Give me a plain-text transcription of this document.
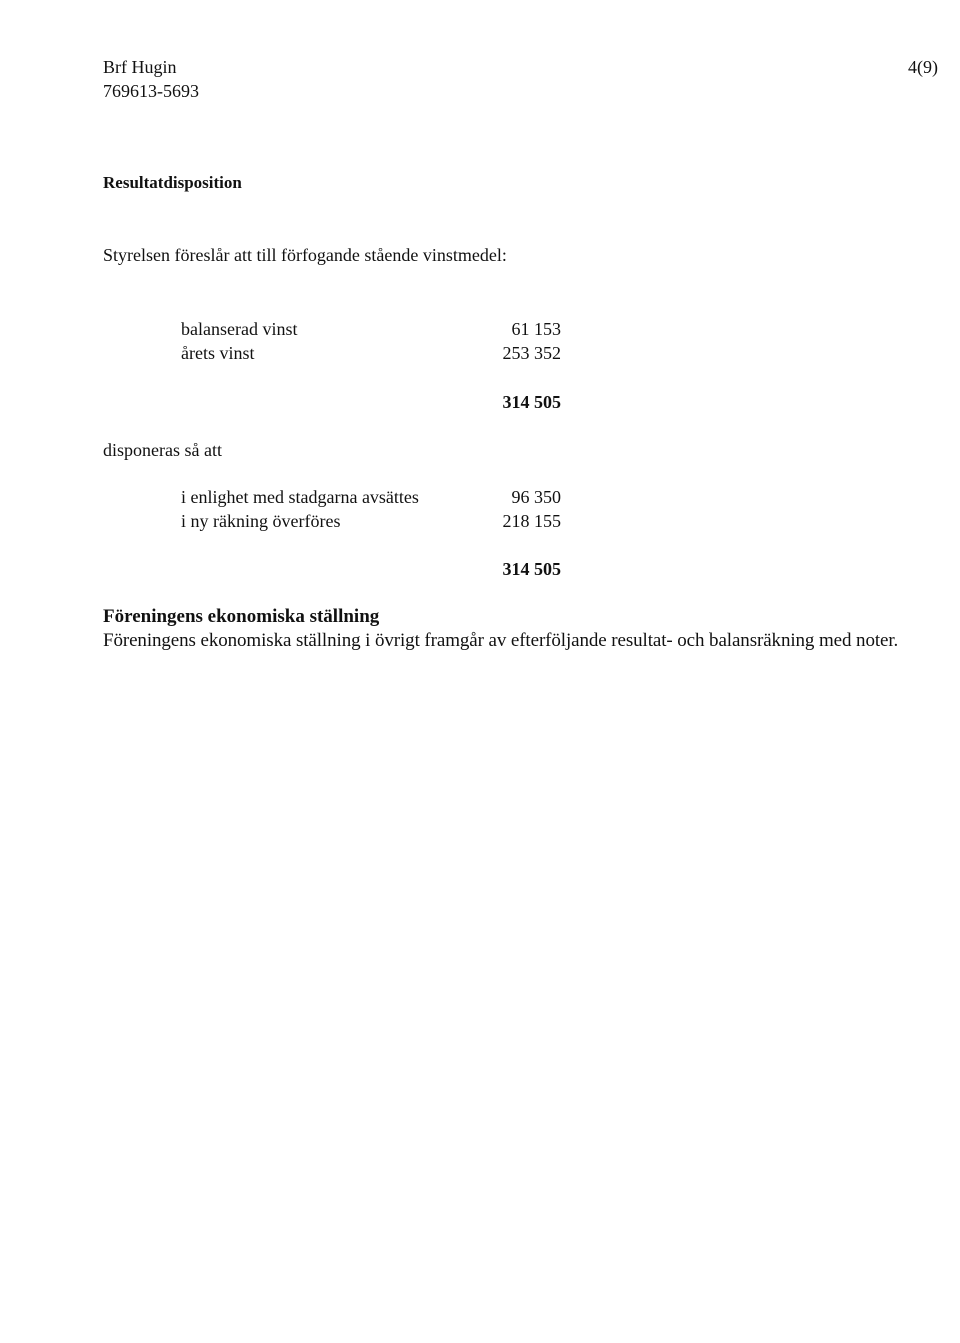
Brf Hugin
769613-5693
4(9)
Resultatdisposition
Styrelsen föreslår att till förfogande stående vinstmedel:
balanserad vinst	61 153
årets vinst	253 352
314 505
disponeras så att
i enlighet med stadgarna avsättes	96 350
i ny räkning överföres	218 155
314 505
Föreningens ekonomiska ställning
Föreningens ekonomiska ställning i övrigt framgår av efterföljande resultat- och balansräkning med noter.
